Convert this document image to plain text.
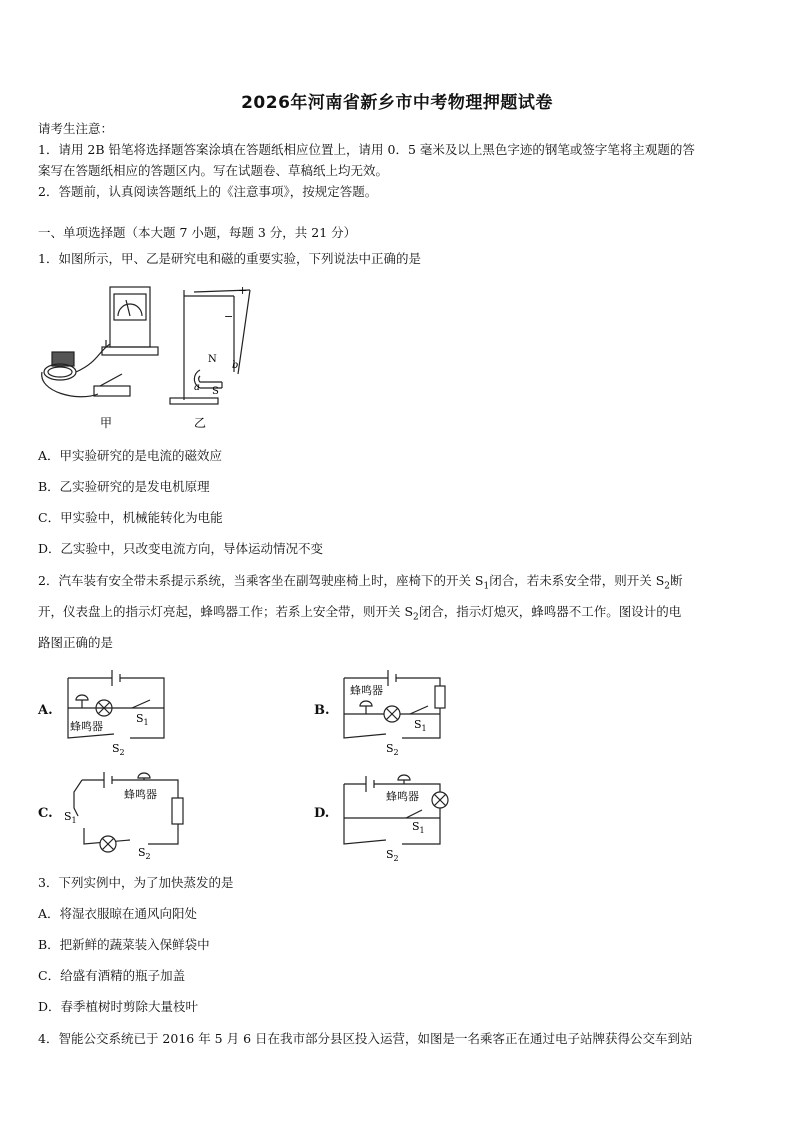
2026年河南省新乡市中考物理押题试卷
请考生注意：
1．请用 2B 铅笔将选择题答案涂填在答题纸相应位置上，请用 0．5 毫米及以上黑色字迹的钢笔或签字笔将主观题的答
案写在答题纸相应的答题区内。写在试题卷、草稿纸上均无效。
2．答题前，认真阅读答题纸上的《注意事项》，按规定答题。
一、单项选择题（本大题 7 小题，每题 3 分，共 21 分）
1．如图所示，甲、乙是研究电和磁的重要实验，下列说法中正确的是
甲
+
−
N
S
a
b
乙
A．甲实验研究的是电流的磁效应
B．乙实验研究的是发电机原理
C．甲实验中，机械能转化为电能
D．乙实验中，只改变电流方向，导体运动情况不变
2．汽车装有安全带未系提示系统，当乘客坐在副驾驶座椅上时，座椅下的开关 $S_1$闭合，若未系安全带，则开关 $S_2$断
开，仪表盘上的指示灯亮起，蜂鸣器工作；若系上安全带，则开关 $S_2$闭合，指示灯熄灭，蜂鸣器不工作。图设计的电
路图正确的是
A.
蜂鸣器
$S_1$
$S_2$
B.
蜂鸣器
$S_1$
$S_2$
C.
蜂鸣器
$S_1$
$S_2$
D.
蜂鸣器
$S_1$
$S_2$
3．下列实例中，为了加快蒸发的是
A．将湿衣服晾在通风向阳处
B．把新鲜的蔬菜装入保鲜袋中
C．给盛有酒精的瓶子加盖
D．春季植树时剪除大量枝叶
4．智能公交系统已于 2016 年 5 月 6 日在我市部分县区投入运营，如图是一名乘客正在通过电子站牌获得公交车到站
